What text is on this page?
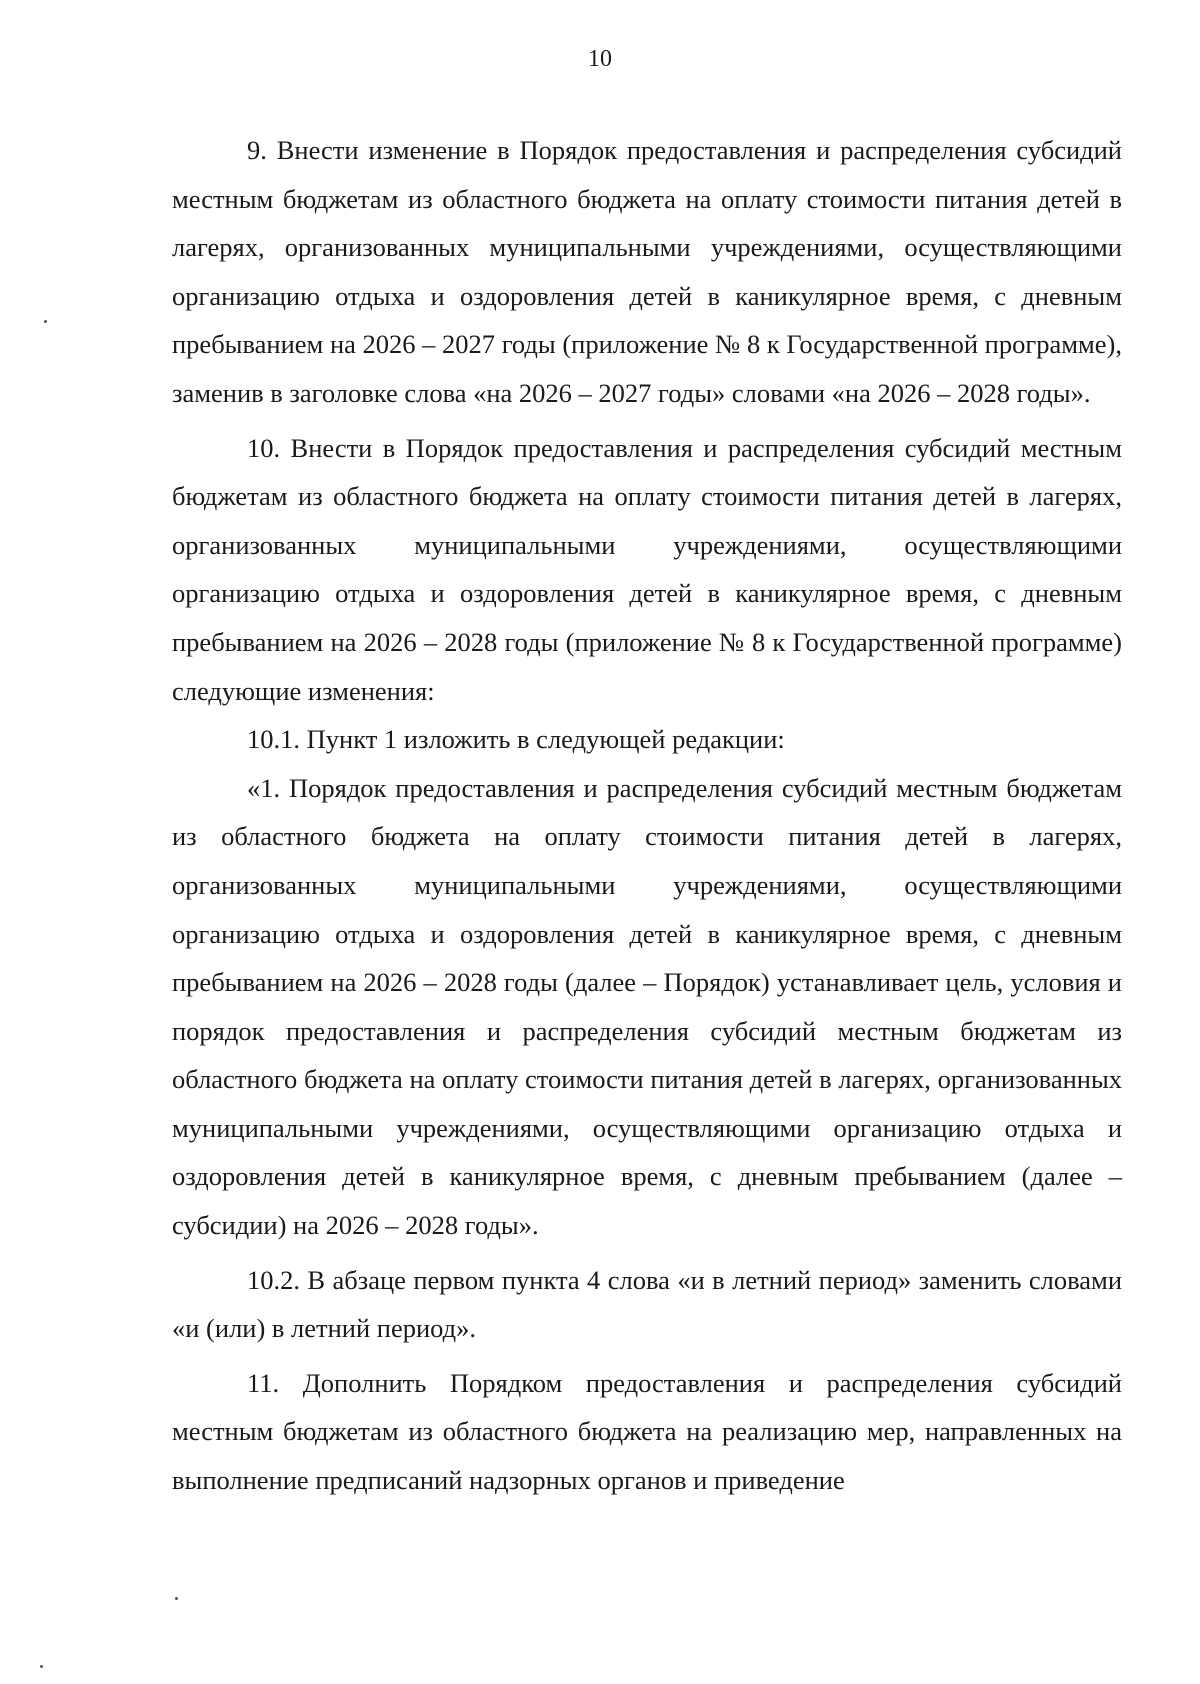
10

9. Внести изменение в Порядок предоставления и распределения субсидий местным бюджетам из областного бюджета на оплату стоимости питания детей в лагерях, организованных муниципальными учреждениями, осуществляющими организацию отдыха и оздоровления детей в каникулярное время, с дневным пребыванием на 2026 – 2027 годы (приложение № 8 к Государственной программе), заменив в заголовке слова «на 2026 – 2027 годы» словами «на 2026 – 2028 годы».

10. Внести в Порядок предоставления и распределения субсидий местным бюджетам из областного бюджета на оплату стоимости питания детей в лагерях, организованных муниципальными учреждениями, осуществляющими организацию отдыха и оздоровления детей в каникулярное время, с дневным пребыванием на 2026 – 2028 годы (приложение № 8 к Государственной программе) следующие изменения:

10.1. Пункт 1 изложить в следующей редакции:

«1. Порядок предоставления и распределения субсидий местным бюджетам из областного бюджета на оплату стоимости питания детей в лагерях, организованных муниципальными учреждениями, осуществляющими организацию отдыха и оздоровления детей в каникулярное время, с дневным пребыванием на 2026 – 2028 годы (далее – Порядок) устанавливает цель, условия и порядок предоставления и распределения субсидий местным бюджетам из областного бюджета на оплату стоимости питания детей в лагерях, организованных муниципальными учреждениями, осуществляющими организацию отдыха и оздоровления детей в каникулярное время, с дневным пребыванием (далее – субсидии) на 2026 – 2028 годы».

10.2. В абзаце первом пункта 4 слова «и в летний период» заменить словами «и (или) в летний период».

11. Дополнить Порядком предоставления и распределения субсидий местным бюджетам из областного бюджета на реализацию мер, направленных на выполнение предписаний надзорных органов и приведение
